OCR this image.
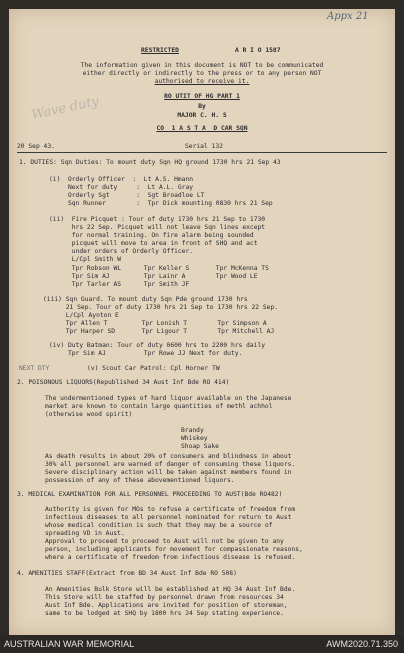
Appx 21
Wave duty
RESTRICTED	A R I O 1587
The information given in this document is NOT to be communicated
either directly or indirectly to the press or to any person NOT
authorised to receive it.
RO UTIT OF HG PART 1
By
MAJOR C. H. S
CO  1 A S T A  D CAR SQN
20 Sep 43.	Serial 132
1. DUTIES: Sqn Duties: To mount duty Sqn HQ ground 1730 hrs 21 Sep 43
(i)  Orderly Officer  :  Lt A.S. Hmann
Next for duty     :  Lt A.L. Gray
Orderly Sgt       :  Sgt Broadloe LT
Sqn Runner        :  Tpr Dick mounting 0830 hrs 21 Sep
(ii)  Fire Picquet : Tour of duty 1730 hrs 21 Sep to 1730
hrs 22 Sep. Picquet will not leave Sqn lines except
for normal training. On fire alarm being sounded
picquet will move to area in front of SHQ and act
under orders of Orderly Officer.
L/Cpl Smith W
Tpr Robson WL      Tpr Keller S       Tpr McKenna TS
Tpr Sim AJ         Tpr Lainr A        Tpr Wood LE
Tpr Tarler AS      Tpr Smith JF
(iii) Sqn Guard. To mount duty Sqn Pde ground 1730 hrs
21 Sep. Tour of duty 1730 hrs 21 Sep to 1730 hrs 22 Sep.
L/Cpl Aynton E
Tpr Allen T         Tpr Lonish T        Tpr Simpson A
Tpr Harper SD       Tpr Ligour T        Tpr Mitchell AJ
(iv) Duty Batman: Tour of duty 0600 hrs to 2200 hrs daily
Tpr Sim AJ          Tpr Rowe JJ Next for duty.
NEXT DTY	(v) Scout Car Patrol: Cpl Horner TW
2. POISONOUS LIQUORS(Republished 34 Aust Inf Bde RO 414)
The undermentioned types of hard liquor available on the Japanese
market are known to contain large quantities of methl achhol
(otherwise wood spirit)
Brandy
Whiskey
Shoap Sake
As death results in about 20% of consumers and blindness in about
30% all personnel are warned of danger of consuming these liquors.
Severe disciplinary action will be taken against members found in
possession of any of these abovementioned liquors.
3. MEDICAL EXAMINATION FOR ALL PERSONNEL PROCEEDING TO AUST(Bde RO482)
Authority is given for MOs to refuse a certificate of freedom from
infectious diseases to all personnel nominated for return to Aust
whose medical condition is such that they may be a source of
spreading VD in Aust.
Approval to proceed to proceed to Aust will not be given to any
person, including applicants for movement for compassionate reasons,
where a certificate of freedom from infectious disease is refused.
4. AMENITIES STAFF(Extract from BD 34 Aust Inf Bde RO 508)
An Amenities Bulk Store will be established at HQ 34 Aust Inf Bde.
This Store will be staffed by personnel drawn from resources 34
Aust Inf Bde. Applications are invited for position of storeman,
same to be lodged at SHQ by 1800 hrs 24 Sep stating experience.
AUSTRALIAN WAR MEMORIAL	AWM2020.71.350
